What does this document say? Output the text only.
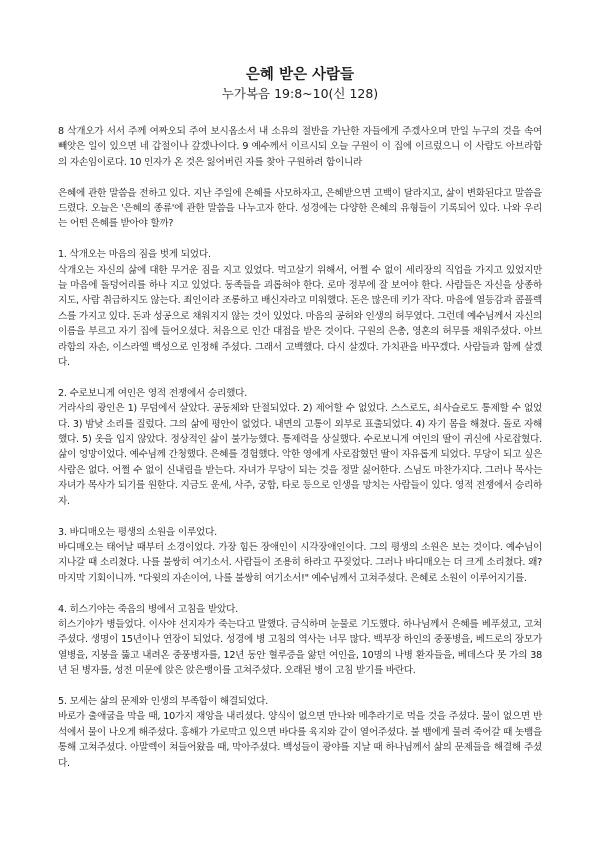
은혜 받은 사람들
누가복음 19:8~10(신 128)

8 삭개오가 서서 주께 여짜오되 주여 보시옵소서 내 소유의 절반을 가난한 자들에게 주겠사오며 만일 누구의 것을 속여 빼앗은 일이 있으면 네 갑절이나 갚겠나이다. 9 예수께서 이르시되 오늘 구원이 이 집에 이르렀으니 이 사람도 아브라함의 자손임이로다. 10 인자가 온 것은 잃어버린 자를 찾아 구원하려 함이니라

은혜에 관한 말씀을 전하고 있다. 지난 주일에 은혜를 사모하자고, 은혜받으면 고백이 달라지고, 삶이 변화된다고 말씀을 드렸다. 오늘은 '은혜의 종류'에 관한 말씀을 나누고자 한다. 성경에는 다양한 은혜의 유형들이 기록되어 있다. 나와 우리는 어떤 은혜를 받아야 할까?

1. 삭개오는 마음의 짐을 벗게 되었다.

삭개오는 자신의 삶에 대한 무거운 짐을 지고 있었다. 먹고살기 위해서, 어쩔 수 없이 세리장의 직업을 가지고 있었지만 늘 마음에 돌덩어리를 하나 지고 있었다. 동족들을 괴롭혀야 한다. 로마 정부에 잘 보여야 한다. 사람들은 자신을 상종하지도, 사람 취급하지도 않는다. 죄인이라 조롱하고 배신자라고 미워했다. 돈은 많은데 키가 작다. 마음에 열등감과 콤플렉스를 가지고 있다. 돈과 성공으로 채워지지 않는 것이 있었다. 마음의 공허와 인생의 허무였다. 그런데 예수님께서 자신의 이름을 부르고 자기 집에 들어오셨다. 처음으로 인간 대접을 받은 것이다. 구원의 은총, 영혼의 허무를 채워주셨다. 아브라함의 자손, 이스라엘 백성으로 인정해 주셨다. 그래서 고백했다. 다시 살겠다. 가치관을 바꾸겠다. 사람들과 함께 살겠다.

2. 수로보니게 여인은 영적 전쟁에서 승리했다.

거라사의 광인은 1) 무덤에서 살았다. 공동체와 단절되었다. 2) 제어할 수 없었다. 스스로도, 쇠사슬로도 통제할 수 없었다. 3) 밤낮 소리를 질렀다. 그의 삶에 평안이 없었다. 내면의 고통이 외부로 표출되었다. 4) 자기 몸을 해쳤다. 돌로 자해했다. 5) 옷을 입지 않았다. 정상적인 삶이 불가능했다. 통제력을 상실했다. 수로보니게 여인의 딸이 귀신에 사로잡혔다. 삶이 엉망이었다. 예수님께 간청했다. 은혜를 경험했다. 악한 영에게 사로잡혔던 딸이 자유롭게 되었다. 무당이 되고 싶은 사람은 없다. 어쩔 수 없이 신내림을 받는다. 자녀가 무당이 되는 것을 정말 싫어한다. 스님도 마찬가지다. 그러나 목사는 자녀가 목사가 되기를 원한다. 지금도 운세, 사주, 궁합, 타로 등으로 인생을 망치는 사람들이 있다. 영적 전쟁에서 승리하자.

3. 바디매오는 평생의 소원을 이루었다.

바디매오는 태어날 때부터 소경이었다. 가장 힘든 장애인이 시각장애인이다. 그의 평생의 소원은 보는 것이다. 예수님이 지나갈 때 소리쳤다. 나를 불쌍히 여기소서. 사람들이 조용히 하라고 꾸짖었다. 그러나 바디매오는 더 크게 소리쳤다. 왜? 마지막 기회이니까. "다윗의 자손이여, 나를 불쌍히 여기소서!" 예수님께서 고쳐주셨다. 은혜로 소원이 이루어지기를.

4. 히스기야는 죽음의 병에서 고침을 받았다.

히스기야가 병들었다. 이사야 선지자가 죽는다고 말했다. 금식하며 눈물로 기도했다. 하나님께서 은혜를 베푸셨고, 고쳐주셨다. 생명이 15년이나 연장이 되었다. 성경에 병 고침의 역사는 너무 많다. 백부장 하인의 중풍병을, 베드로의 장모가 열병을, 지붕을 뚫고 내려온 중풍병자를, 12년 동안 혈루증을 앓던 여인을, 10명의 나병 환자들을, 베데스다 못 가의 38년 된 병자를, 성전 미문에 앉은 앉은뱅이를 고쳐주셨다. 오래된 병이 고침 받기를 바란다.

5. 모세는 삶의 문제와 인생의 부족함이 해결되었다.

바로가 출애굽을 막을 때, 10가지 재앙을 내리셨다. 양식이 없으면 만나와 메추라기로 먹을 것을 주셨다. 물이 없으면 반석에서 물이 나오게 해주셨다. 홍해가 가로막고 있으면 바다를 육지와 같이 열어주셨다. 불 뱀에게 물려 죽어갈 때 놋뱀을 통해 고쳐주셨다. 아말렉이 쳐들어왔을 때, 막아주셨다. 백성들이 광야를 지날 때 하나님께서 삶의 문제들을 해결해 주셨다.
